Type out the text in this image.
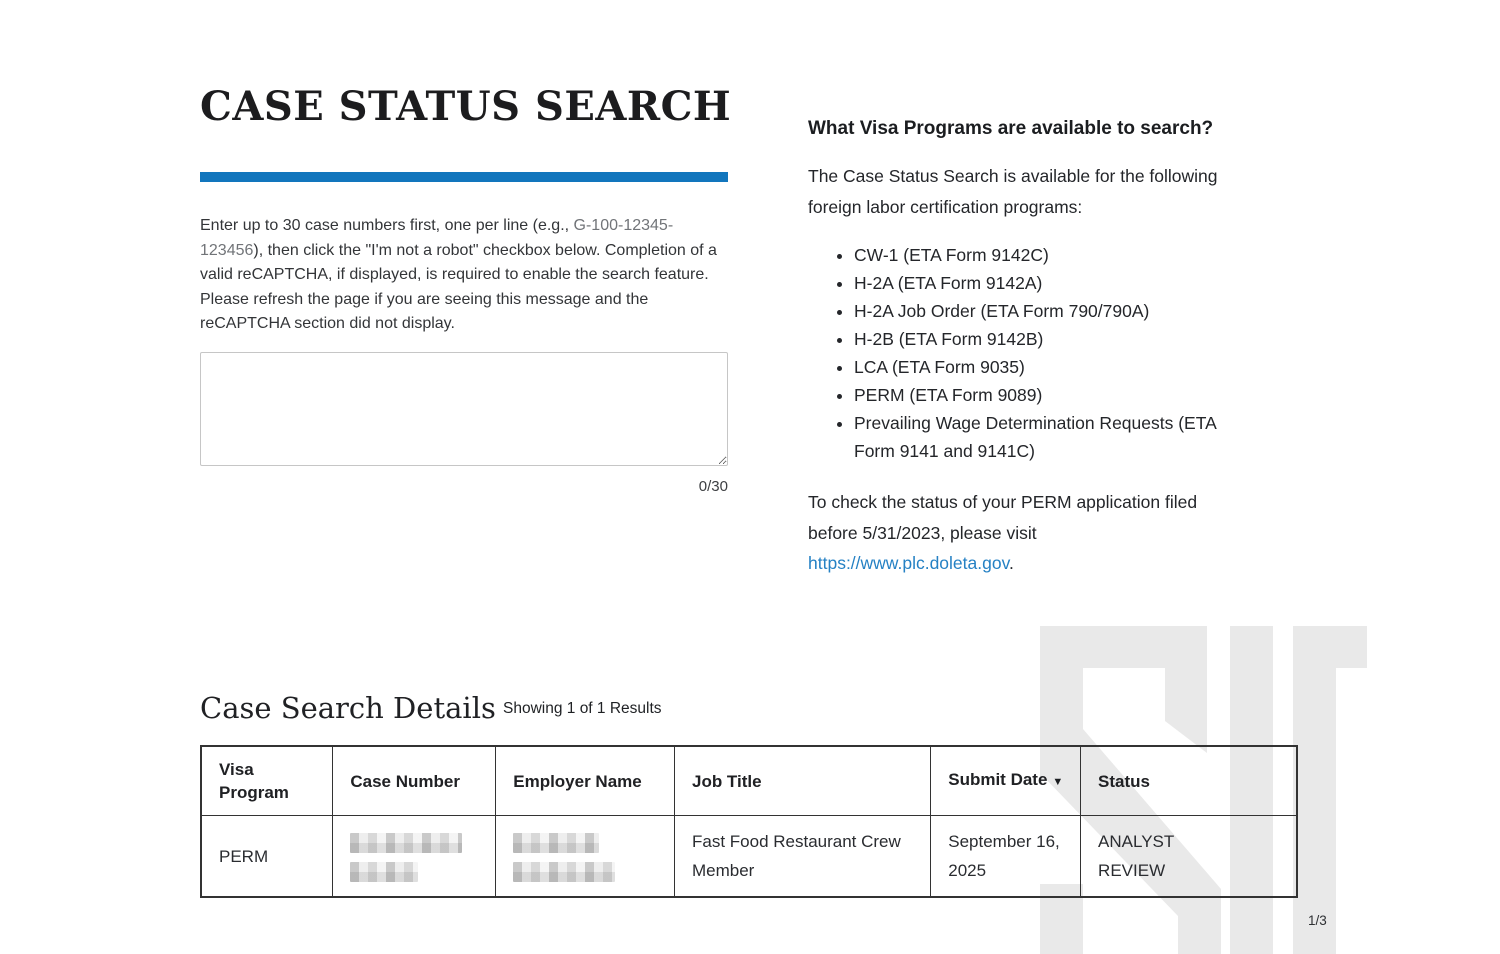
CASE STATUS SEARCH

Enter up to 30 case numbers first, one per line (e.g., G-100-12345-123456), then click the "I'm not a robot" checkbox below. Completion of a valid reCAPTCHA, if displayed, is required to enable the search feature. Please refresh the page if you are seeing this message and the reCAPTCHA section did not display.

0/30
What Visa Programs are available to search?

The Case Status Search is available for the following foreign labor certification programs:

• CW-1 (ETA Form 9142C)
• H-2A (ETA Form 9142A)
• H-2A Job Order (ETA Form 790/790A)
• H-2B (ETA Form 9142B)
• LCA (ETA Form 9035)
• PERM (ETA Form 9089)
• Prevailing Wage Determination Requests (ETA Form 9141 and 9141C)

To check the status of your PERM application filed before 5/31/2023, please visit https://www.plc.doleta.gov.

Case Search Details Showing 1 of 1 Results
Visa Program	Case Number	Employer Name	Job Title	Submit Date ▼	Status
PERM			Fast Food Restaurant Crew Member	September 16, 2025	ANALYST REVIEW
1/3
